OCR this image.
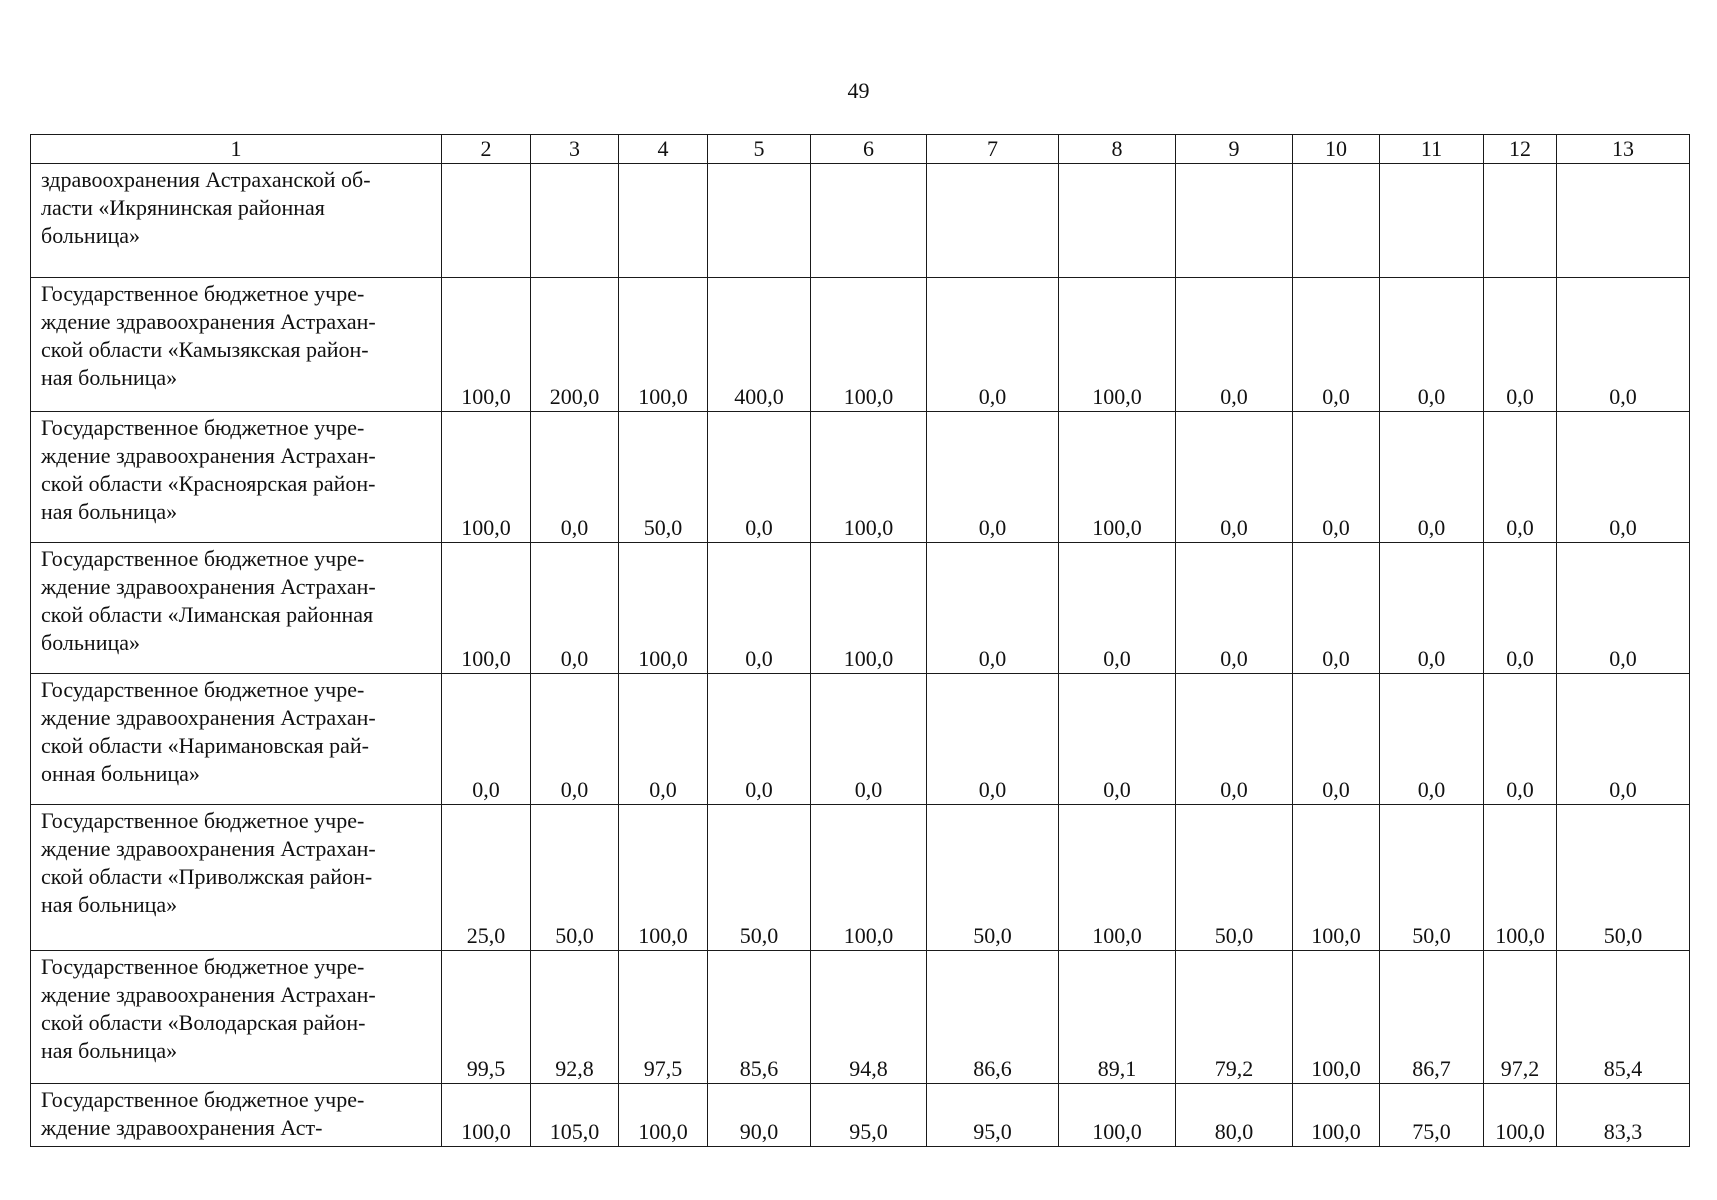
49
1	2	3	4	5	6	7	8	9	10	11	12	13
здравоохранения Астраханской об-
ласти «Икрянинская районная
больница»												
Государственное бюджетное учре-
ждение здравоохранения Астрахан-
ской области «Камызякская район-
ная больница»	100,0	200,0	100,0	400,0	100,0	0,0	100,0	0,0	0,0	0,0	0,0	0,0
Государственное бюджетное учре-
ждение здравоохранения Астрахан-
ской области «Красноярская район-
ная больница»	100,0	0,0	50,0	0,0	100,0	0,0	100,0	0,0	0,0	0,0	0,0	0,0
Государственное бюджетное учре-
ждение здравоохранения Астрахан-
ской области «Лиманская районная
больница»	100,0	0,0	100,0	0,0	100,0	0,0	0,0	0,0	0,0	0,0	0,0	0,0
Государственное бюджетное учре-
ждение здравоохранения Астрахан-
ской области «Наримановская рай-
онная больница»	0,0	0,0	0,0	0,0	0,0	0,0	0,0	0,0	0,0	0,0	0,0	0,0
Государственное бюджетное учре-
ждение здравоохранения Астрахан-
ской области «Приволжская район-
ная больница»	25,0	50,0	100,0	50,0	100,0	50,0	100,0	50,0	100,0	50,0	100,0	50,0
Государственное бюджетное учре-
ждение здравоохранения Астрахан-
ской области «Володарская район-
ная больница»	99,5	92,8	97,5	85,6	94,8	86,6	89,1	79,2	100,0	86,7	97,2	85,4
Государственное бюджетное учре-
ждение здравоохранения Аст-	100,0	105,0	100,0	90,0	95,0	95,0	100,0	80,0	100,0	75,0	100,0	83,3
